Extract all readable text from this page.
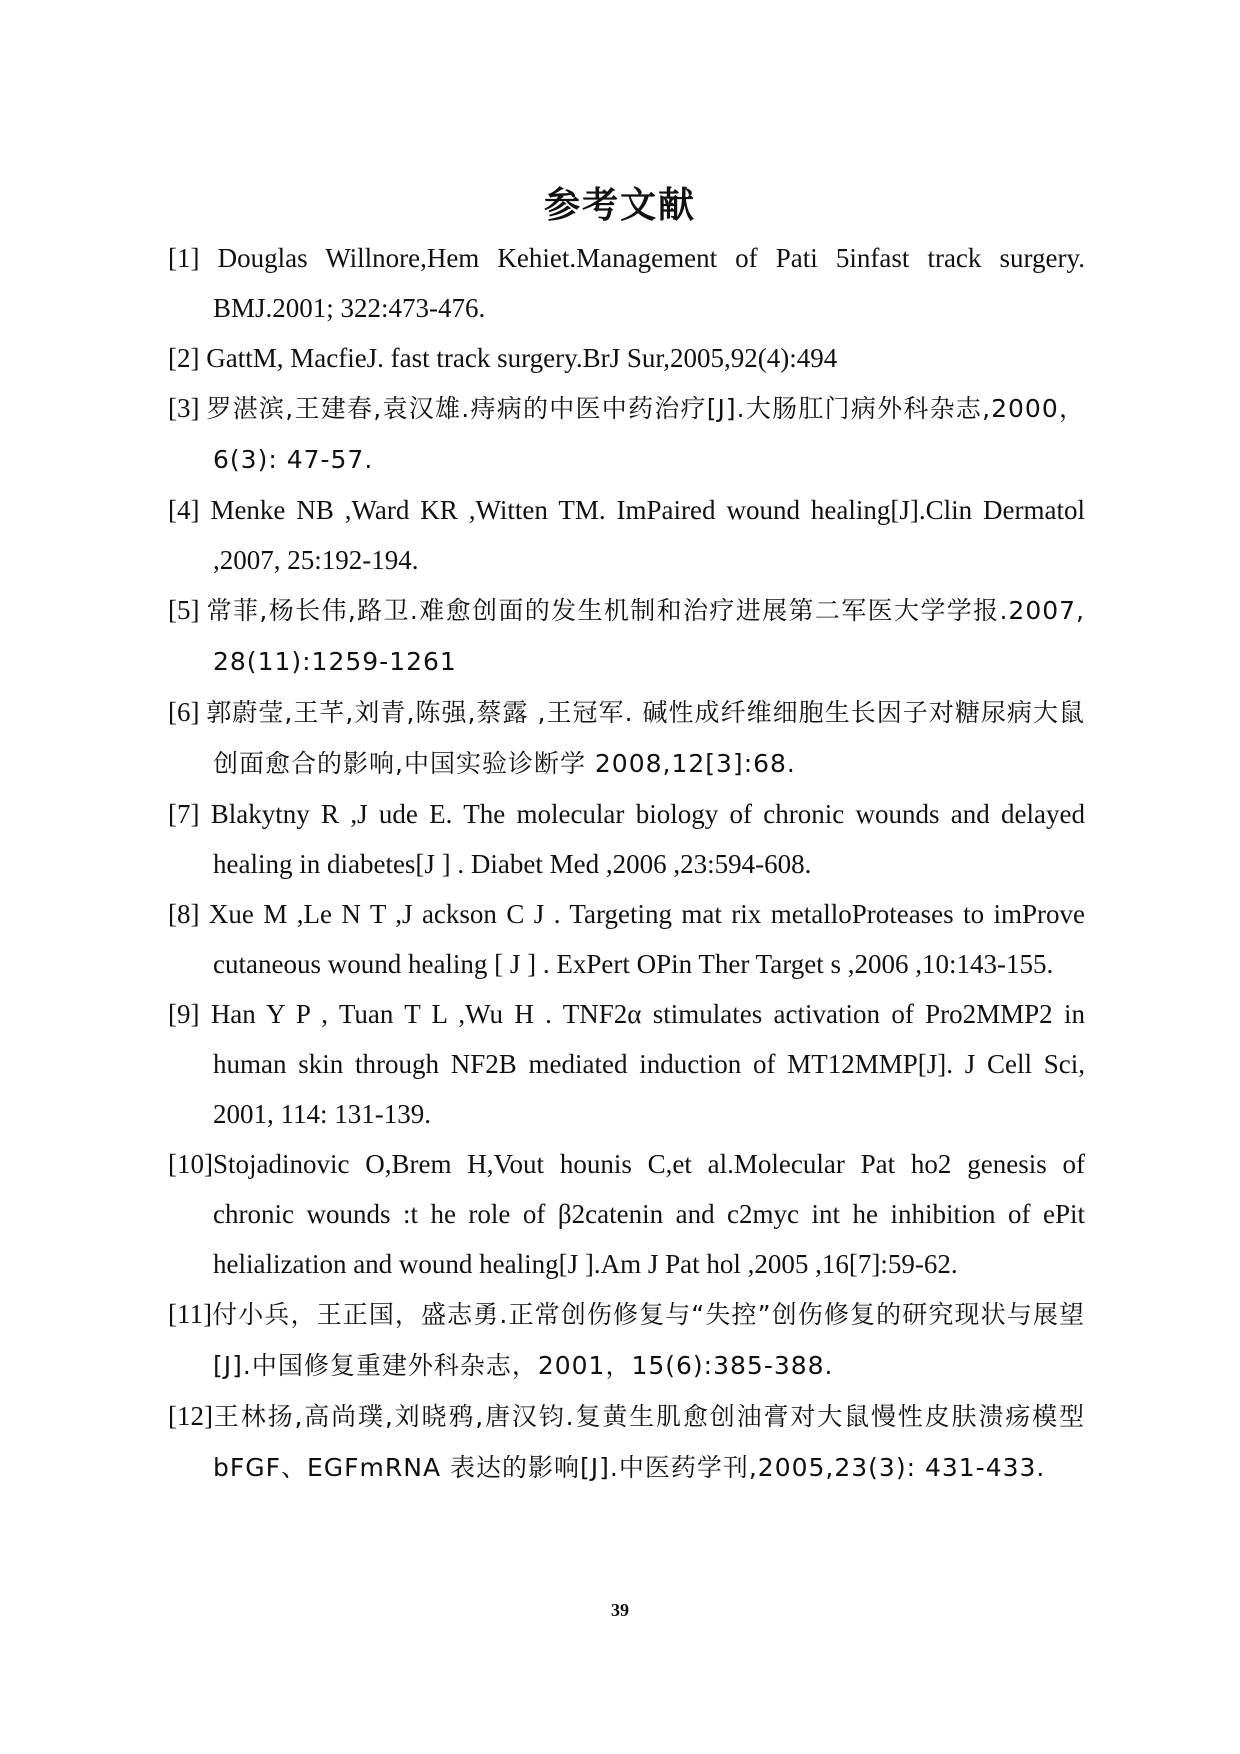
参考文献
[1] Douglas Willnore,Hem Kehiet.Management of Pati 5infast track surgery. BMJ.2001; 322:473-476.
[2] GattM, MacfieJ. fast track surgery.BrJ Sur,2005,92(4):494
[3] 罗湛滨,王建春,袁汉雄.痔病的中医中药治疗[J].大肠肛门病外科杂志,2000，6(3): 47-57.
[4] Menke NB ,Ward KR ,Witten TM. ImPaired wound healing[J].Clin Dermatol ,2007, 25:192-194.
[5] 常菲,杨长伟,路卫.难愈创面的发生机制和治疗进展第二军医大学学报.2007, 28(11):1259-1261
[6] 郭蔚莹,王芊,刘青,陈强,蔡露 ,王冠军. 碱性成纤维细胞生长因子对糖尿病大鼠创面愈合的影响,中国实验诊断学 2008,12[3]:68.
[7] Blakytny R ,J ude E. The molecular biology of chronic wounds and delayed healing in diabetes[J ] . Diabet Med ,2006 ,23:594-608.
[8] Xue M ,Le N T ,J ackson C J . Targeting mat rix metalloProteases to imProve cutaneous wound healing [ J ] . ExPert OPin Ther Target s ,2006 ,10:143-155.
[9] Han Y P , Tuan T L ,Wu H . TNF2α stimulates activation of Pro2MMP2 in human skin through NF2B mediated induction of MT12MMP[J]. J Cell Sci, 2001, 114: 131-139.
[10]Stojadinovic O,Brem H,Vout hounis C,et al.Molecular Pat ho2 genesis of chronic wounds :t he role of β2catenin and c2myc int he inhibition of ePit helialization and wound healing[J ].Am J Pat hol ,2005 ,16[7]:59-62.
[11]付小兵，王正国，盛志勇.正常创伤修复与“失控”创伤修复的研究现状与展望[J].中国修复重建外科杂志，2001，15(6):385-388.
[12]王林扬,高尚璞,刘晓鸦,唐汉钧.复黄生肌愈创油膏对大鼠慢性皮肤溃疡模型 bFGF、EGFmRNA 表达的影响[J].中医药学刊,2005,23(3): 431-433.
39
